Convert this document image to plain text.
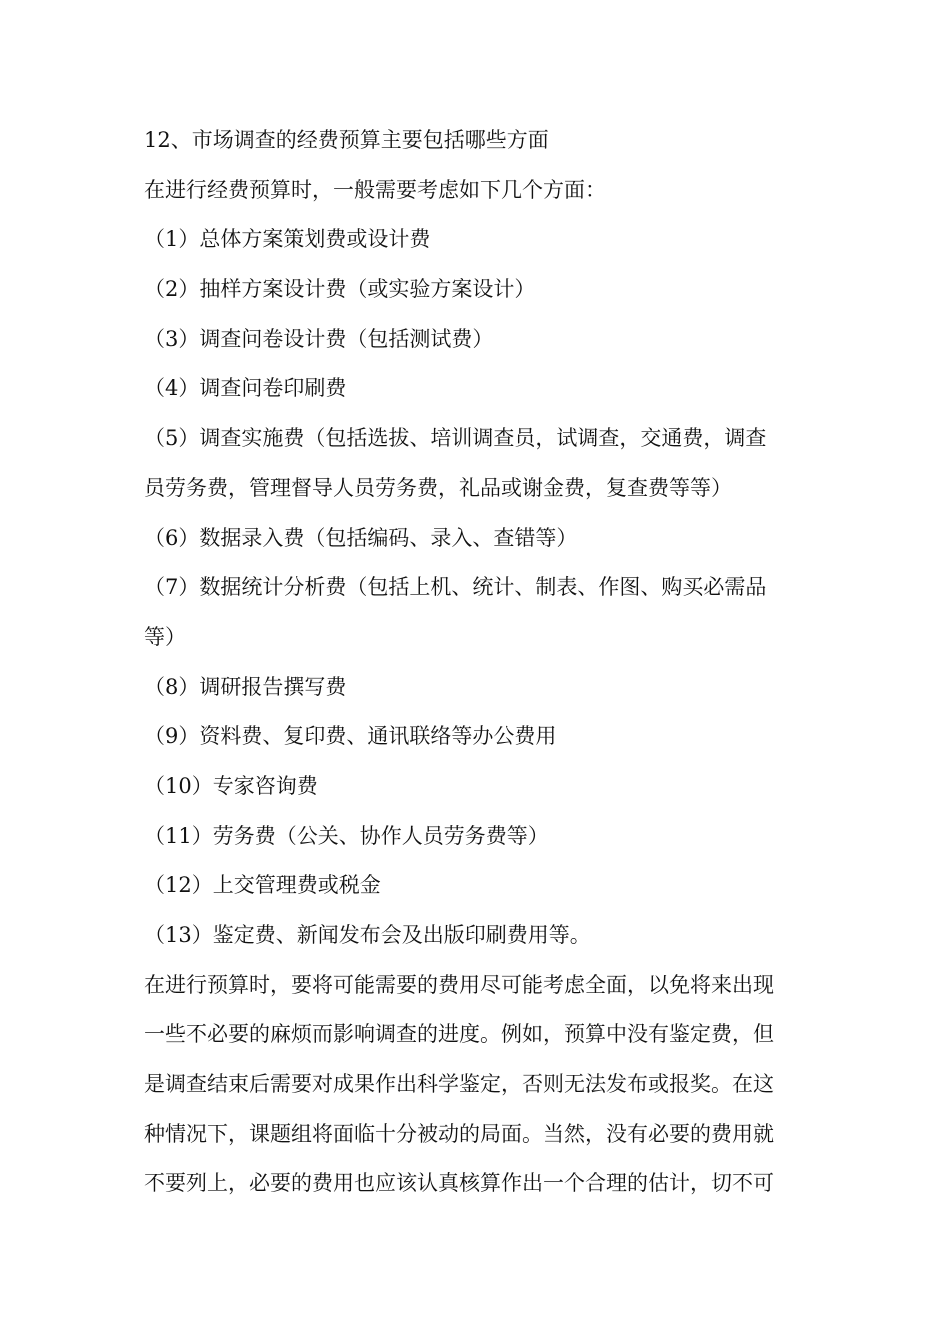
12、市场调查的经费预算主要包括哪些方面

在进行经费预算时，一般需要考虑如下几个方面：

（1）总体方案策划费或设计费

（2）抽样方案设计费（或实验方案设计）

（3）调查问卷设计费（包括测试费）

（4）调查问卷印刷费

（5）调查实施费（包括选拔、培训调查员，试调查，交通费，调查

员劳务费，管理督导人员劳务费，礼品或谢金费，复查费等等）

（6）数据录入费（包括编码、录入、查错等）

（7）数据统计分析费（包括上机、统计、制表、作图、购买必需品

等）

（8）调研报告撰写费

（9）资料费、复印费、通讯联络等办公费用

（10）专家咨询费

（11）劳务费（公关、协作人员劳务费等）

（12）上交管理费或税金

（13）鉴定费、新闻发布会及出版印刷费用等。

在进行预算时，要将可能需要的费用尽可能考虑全面，以免将来出现

一些不必要的麻烦而影响调查的进度。例如，预算中没有鉴定费，但

是调查结束后需要对成果作出科学鉴定，否则无法发布或报奖。在这

种情况下，课题组将面临十分被动的局面。当然，没有必要的费用就

不要列上，必要的费用也应该认真核算作出一个合理的估计，切不可
